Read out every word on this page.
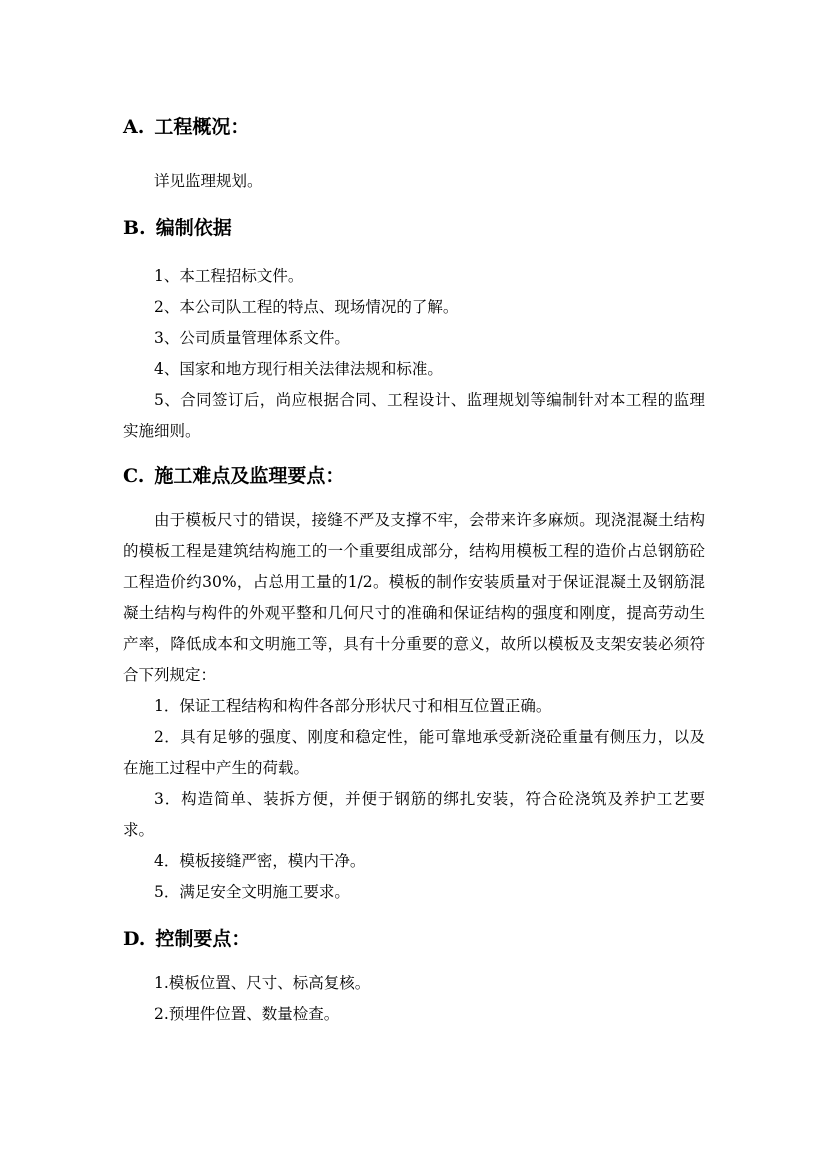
A. 工程概况：

详见监理规划。

B. 编制依据

1、本工程招标文件。

2、本公司队工程的特点、现场情况的了解。

3、公司质量管理体系文件。

4、国家和地方现行相关法律法规和标准。

5、合同签订后，尚应根据合同、工程设计、监理规划等编制针对本工程的监理实施细则。

C. 施工难点及监理要点：

由于模板尺寸的错误，接缝不严及支撑不牢，会带来许多麻烦。现浇混凝土结构的模板工程是建筑结构施工的一个重要组成部分，结构用模板工程的造价占总钢筋砼工程造价约30%，占总用工量的1/2。模板的制作安装质量对于保证混凝土及钢筋混凝土结构与构件的外观平整和几何尺寸的准确和保证结构的强度和刚度，提高劳动生产率，降低成本和文明施工等，具有十分重要的意义，故所以模板及支架安装必须符合下列规定：

1．保证工程结构和构件各部分形状尺寸和相互位置正确。

2．具有足够的强度、刚度和稳定性，能可靠地承受新浇砼重量有侧压力，以及在施工过程中产生的荷载。

3．构造简单、装拆方便，并便于钢筋的绑扎安装，符合砼浇筑及养护工艺要求。

4．模板接缝严密，模内干净。

5．满足安全文明施工要求。

D. 控制要点：

1.模板位置、尺寸、标高复核。

2.预埋件位置、数量检查。
